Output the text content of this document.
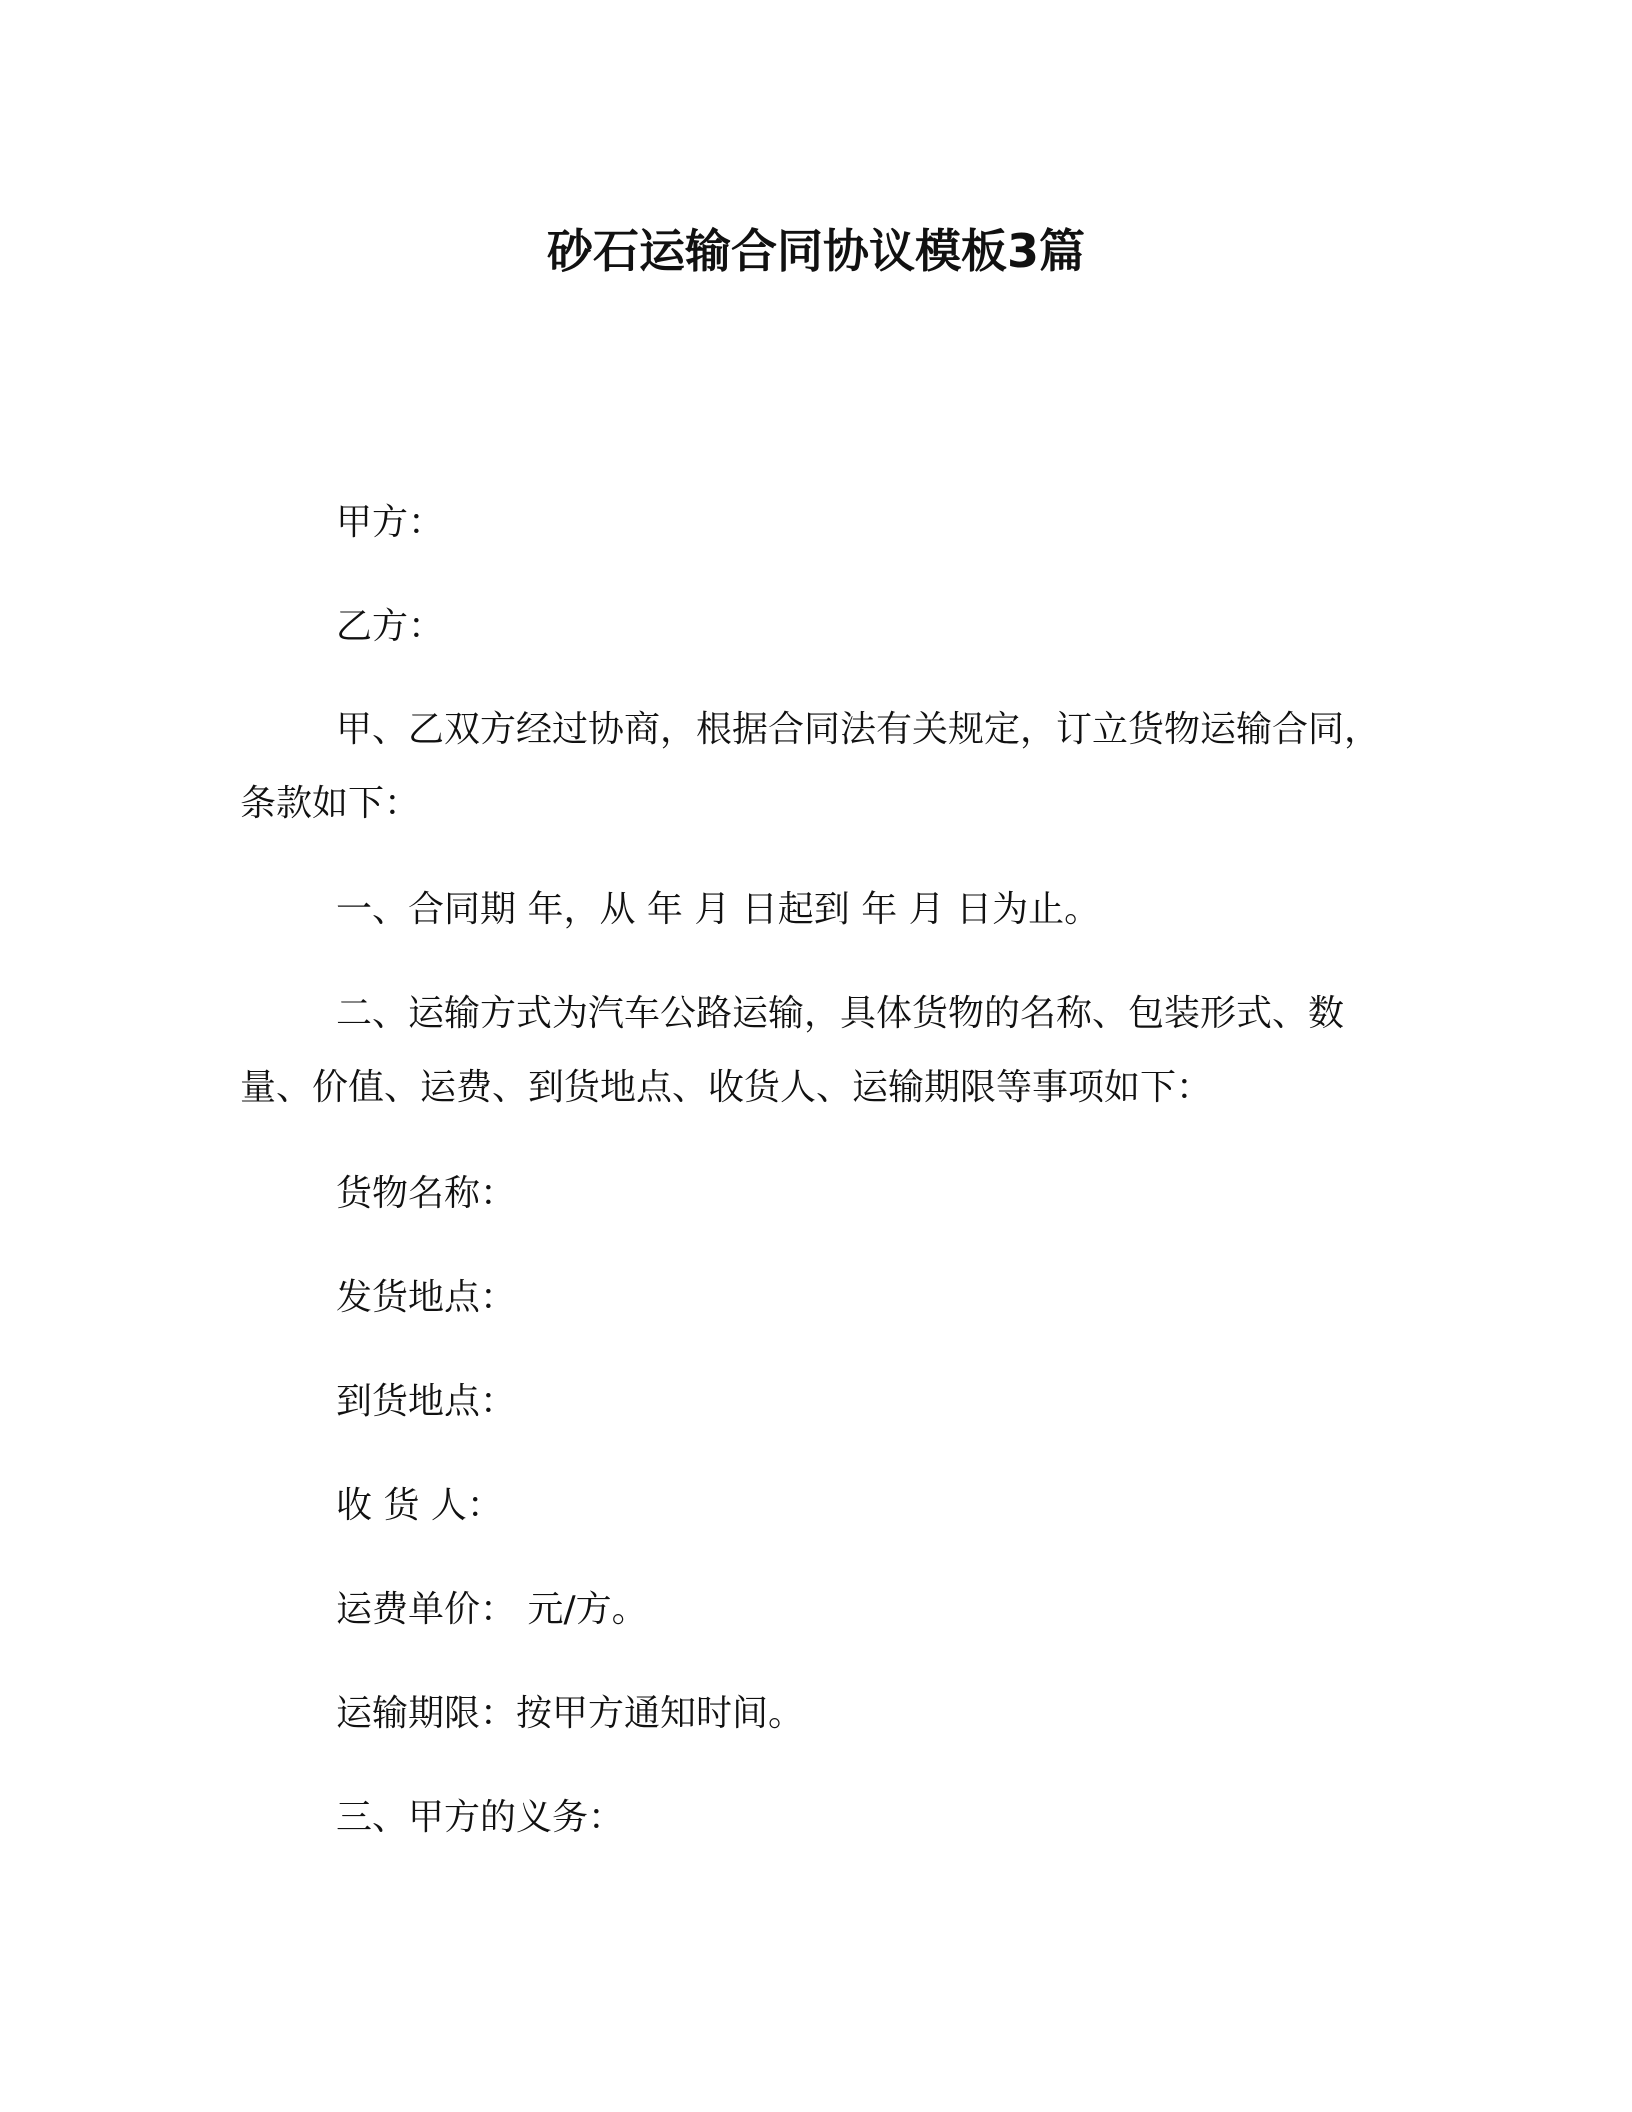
砂石运输合同协议模板3篇

甲方：

乙方：

甲、乙双方经过协商，根据合同法有关规定，订立货物运输合同，条款如下：

一、合同期 年，从 年 月 日起到 年 月 日为止。

二、运输方式为汽车公路运输，具体货物的名称、包装形式、数量、价值、运费、到货地点、收货人、运输期限等事项如下：

货物名称：

发货地点：

到货地点：

收 货 人：

运费单价： 元/方。

运输期限：按甲方通知时间。

三、甲方的义务：
